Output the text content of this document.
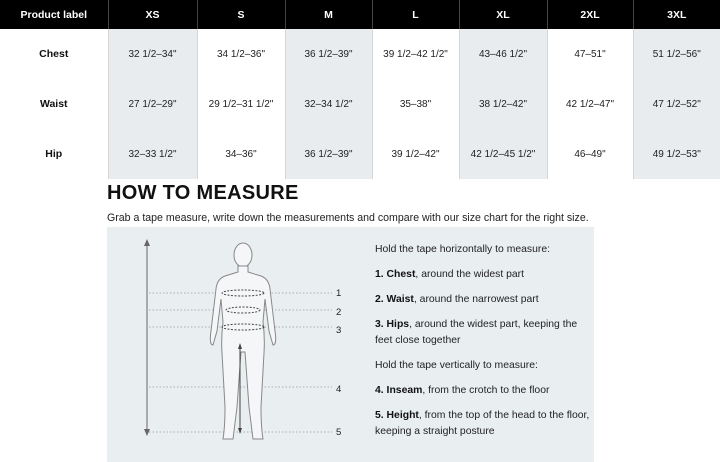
Product label	XS	S	M	L	XL	2XL	3XL
Chest	32 1/2–34"	34 1/2–36"	36 1/2–39"	39 1/2–42 1/2"	43–46 1/2"	47–51"	51 1/2–56"
Waist	27 1/2–29"	29 1/2–31 1/2"	32–34 1/2"	35–38"	38 1/2–42"	42 1/2–47"	47 1/2–52"
Hip	32–33 1/2"	34–36"	36 1/2–39"	39 1/2–42"	42 1/2–45 1/2"	46–49"	49 1/2–53"
HOW TO MEASURE
Grab a tape measure, write down the measurements and compare with our size chart for the right size.
1
2
3
4
5

Hold the tape horizontally to measure:

1. Chest, around the widest part

2. Waist, around the narrowest part

3. Hips, around the widest part, keeping the feet close together

Hold the tape vertically to measure:

4. Inseam, from the crotch to the floor

5. Height, from the top of the head to the floor, keeping a straight posture
